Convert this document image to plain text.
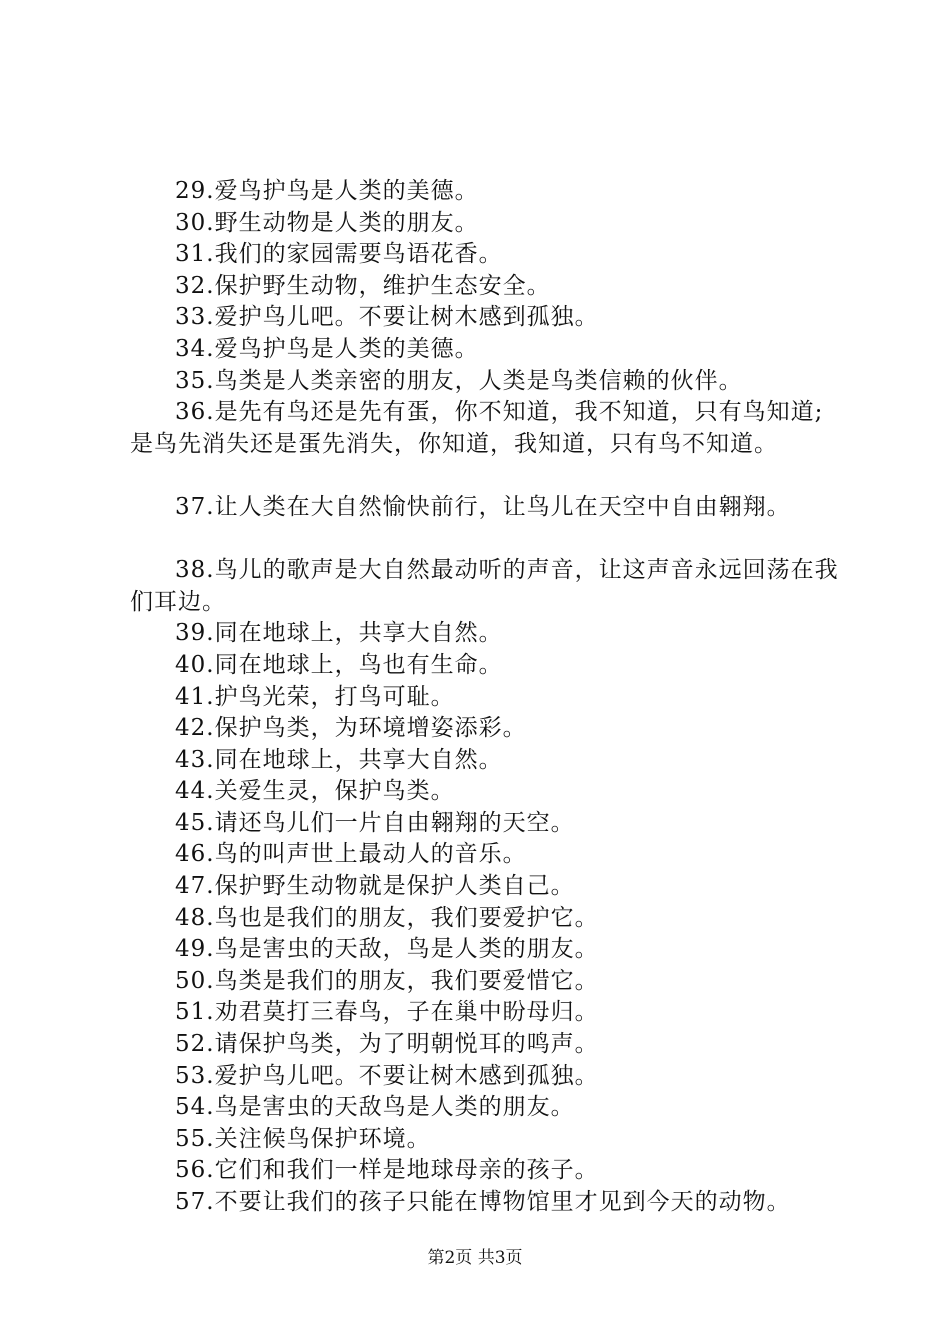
29.爱鸟护鸟是人类的美德。
30.野生动物是人类的朋友。
31.我们的家园需要鸟语花香。
32.保护野生动物，维护生态安全。
33.爱护鸟儿吧。不要让树木感到孤独。
34.爱鸟护鸟是人类的美德。
35.鸟类是人类亲密的朋友，人类是鸟类信赖的伙伴。

36.是先有鸟还是先有蛋，你不知道，我不知道，只有鸟知道;是鸟先消失还是蛋先消失，你知道，我知道，只有鸟不知道。

37.让人类在大自然愉快前行，让鸟儿在天空中自由翱翔。

38.鸟儿的歌声是大自然最动听的声音，让这声音永远回荡在我们耳边。

39.同在地球上，共享大自然。
40.同在地球上，鸟也有生命。
41.护鸟光荣，打鸟可耻。
42.保护鸟类，为环境增姿添彩。
43.同在地球上，共享大自然。
44.关爱生灵，保护鸟类。
45.请还鸟儿们一片自由翱翔的天空。
46.鸟的叫声世上最动人的音乐。
47.保护野生动物就是保护人类自己。
48.鸟也是我们的朋友，我们要爱护它。
49.鸟是害虫的天敌，鸟是人类的朋友。
50.鸟类是我们的朋友，我们要爱惜它。
51.劝君莫打三春鸟，子在巢中盼母归。
52.请保护鸟类，为了明朝悦耳的鸣声。
53.爱护鸟儿吧。不要让树木感到孤独。
54.鸟是害虫的天敌鸟是人类的朋友。
55.关注候鸟保护环境。
56.它们和我们一样是地球母亲的孩子。
57.不要让我们的孩子只能在博物馆里才见到今天的动物。
第2页 共3页
